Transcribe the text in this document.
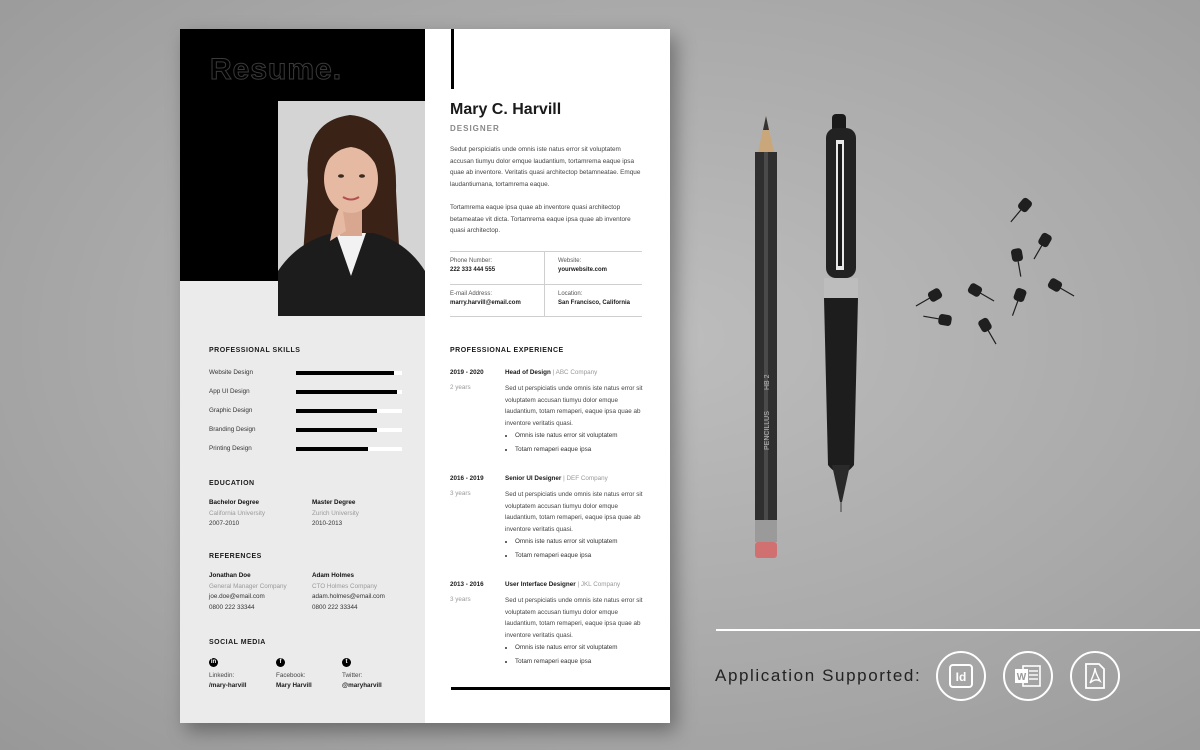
Resume.
PROFESSIONAL SKILLS
Website Design
App UI Design
Graphic Design
Branding Design
Printing Design
EDUCATION
Bachelor Degree
California University
2007-2010
Master Degree
Zurich University
2010-2013
REFERENCES
Jonathan Doe
General Manager Company
joe.doe@email.com
0800 222 33344
Adam Holmes
CTO Holmes Company
adam.holmes@email.com
0800 222 33344
SOCIAL MEDIA
in
Linkedin:
/mary-harvill
f
Facebook:
Mary Harvill
t
Twitter:
@maryharvill
Mary C. Harvill
DESIGNER

Sedut perspiciatis unde omnis iste natus error sit voluptatem accusan tiumyu dolor emque laudantium, tortamrema eaque ipsa quae ab inventore. Veritatis quasi architectop betamneatae. Emque laudantiumana, tortamrema eaque.

Tortamrema eaque ipsa quae ab inventore quasi architectop betameatae vit dicta. Tortamrema eaque ipsa quae ab inventore quasi architectop.

Phone Number:
222 333 444 555
Website:
yourwebsite.com
E-mail Address:
marry.harvill@email.com
Location:
San Francisco, California
PROFESSIONAL EXPERIENCE
2019 - 2020
2 years
Head of Design | ABC Company

Sed ut perspiciatis unde omnis iste natus error sit voluptatem accusan tiumyu dolor emque laudantium, totam remaperi, eaque ipsa quae ab inventore veritatis quasi.

• Omnis iste natus error sit voluptatem
• Totam remaperi eaque ipsa
2016 - 2019
3 years
Senior UI Designer | DEF Company

Sed ut perspiciatis unde omnis iste natus error sit voluptatem accusan tiumyu dolor emque laudantium, totam remaperi, eaque ipsa quae ab inventore veritatis quasi.

• Omnis iste natus error sit voluptatem
• Totam remaperi eaque ipsa
2013 - 2016
3 years
User Interface Designer | JKL Company

Sed ut perspiciatis unde omnis iste natus error sit voluptatem accusan tiumyu dolor emque laudantium, totam remaperi, eaque ipsa quae ab inventore veritatis quasi.

• Omnis iste natus error sit voluptatem
• Totam remaperi eaque ipsa
PENCILLUS
HB 2
Application Supported:	Id	W
